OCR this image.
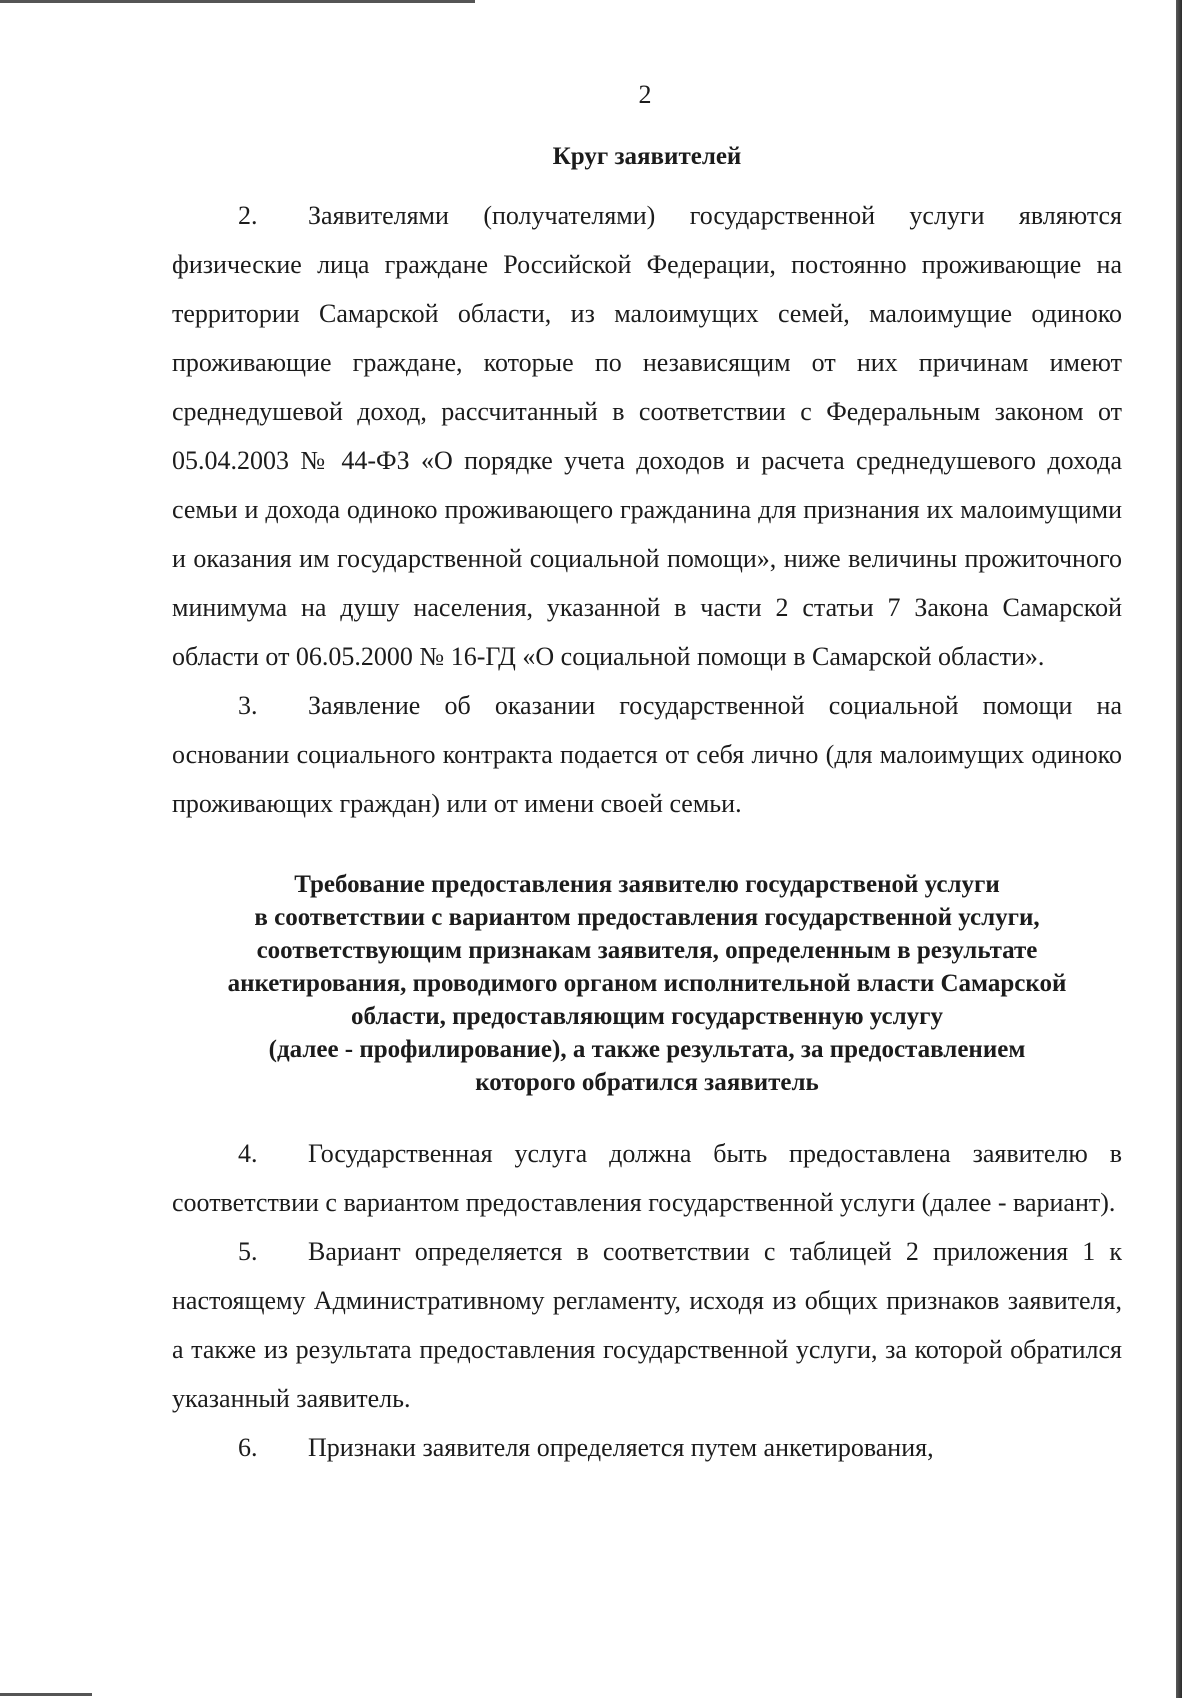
2
Круг заявителей

2. Заявителями (получателями) государственной услуги являются физические лица граждане Российской Федерации, постоянно проживающие на территории Самарской области, из малоимущих семей, малоимущие одиноко проживающие граждане, которые по независящим от них причинам имеют среднедушевой доход, рассчитанный в соответствии с Федеральным законом от 05.04.2003 № 44-ФЗ «О порядке учета доходов и расчета среднедушевого дохода семьи и дохода одиноко проживающего гражданина для признания их малоимущими и оказания им государственной социальной помощи», ниже величины прожиточного минимума на душу населения, указанной в части 2 статьи 7 Закона Самарской области от 06.05.2000 № 16-ГД «О социальной помощи в Самарской области».

3. Заявление об оказании государственной социальной помощи на основании социального контракта подается от себя лично (для малоимущих одиноко проживающих граждан) или от имени своей семьи.

Требование предоставления заявителю государственой услуги
в соответствии с вариантом предоставления государственной услуги,
соответствующим признакам заявителя, определенным в результате
анкетирования, проводимого органом исполнительной власти Самарской
области, предоставляющим государственную услугу
(далее - профилирование), а также результата, за предоставлением
которого обратился заявитель

4. Государственная услуга должна быть предоставлена заявителю в соответствии с вариантом предоставления государственной услуги (далее - вариант).

5. Вариант определяется в соответствии с таблицей 2 приложения 1 к настоящему Административному регламенту, исходя из общих признаков заявителя, а также из результата предоставления государственной услуги, за которой обратился указанный заявитель.

6. Признаки заявителя определяется путем анкетирования,
